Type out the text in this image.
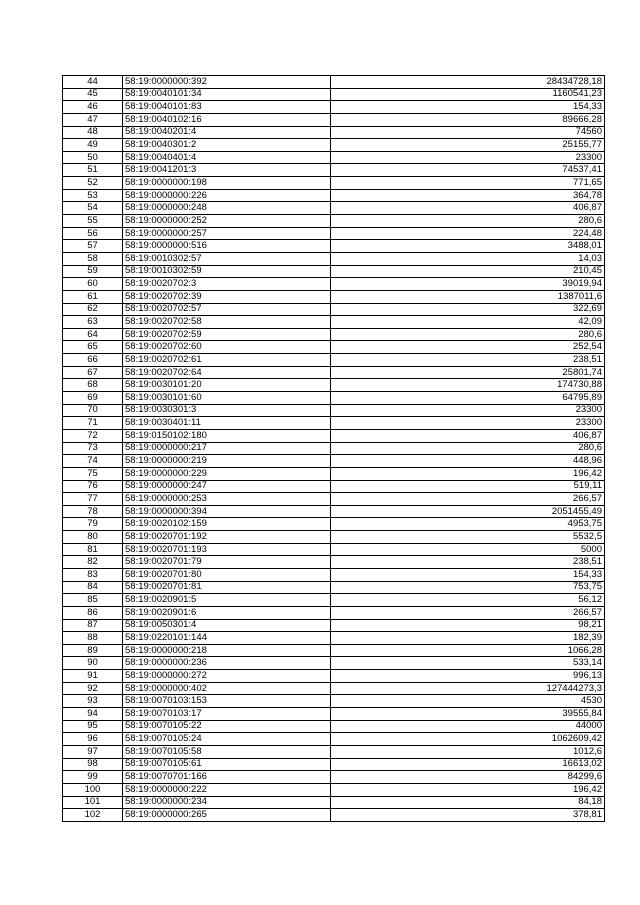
44	58:19:0000000:392	28434728,18
45	58:19:0040101:34	1160541,23
46	58:19:0040101:83	154,33
47	58:19:0040102:16	89666,28
48	58:19:0040201:4	74560
49	58:19:0040301:2	25155,77
50	58:19:0040401:4	23300
51	58:19:0041201:3	74537,41
52	58:19:0000000:198	771,65
53	58:19:0000000:226	364,78
54	58:19:0000000:248	406,87
55	58:19:0000000:252	280,6
56	58:19:0000000:257	224,48
57	58:19:0000000:516	3488,01
58	58:19:0010302:57	14,03
59	58:19:0010302:59	210,45
60	58:19:0020702:3	39019,94
61	58:19:0020702:39	1387011,6
62	58:19:0020702:57	322,69
63	58:19:0020702:58	42,09
64	58:19:0020702:59	280,6
65	58:19:0020702:60	252,54
66	58:19:0020702:61	238,51
67	58:19:0020702:64	25801,74
68	58:19:0030101:20	174730,88
69	58:19:0030101:60	64795,89
70	58:19:0030301:3	23300
71	58:19:0030401:11	23300
72	58:19:0150102:180	406,87
73	58:19:0000000:217	280,6
74	58:19:0000000:219	448,96
75	58:19:0000000:229	196,42
76	58:19:0000000:247	519,11
77	58:19:0000000:253	266,57
78	58:19:0000000:394	2051455,49
79	58:19:0020102:159	4953,75
80	58:19:0020701:192	5532,5
81	58:19:0020701:193	5000
82	58:19:0020701:79	238,51
83	58:19:0020701:80	154,33
84	58:19:0020701:81	753,75
85	58:19:0020901:5	56,12
86	58:19:0020901:6	266,57
87	58:19:0050301:4	98,21
88	58:19:0220101:144	182,39
89	58:19:0000000:218	1066,28
90	58:19:0000000:236	533,14
91	58:19:0000000:272	996,13
92	58:19:0000000:402	127444273,3
93	58:19:0070103:153	4530
94	58:19:0070103:17	39555,84
95	58:19:0070105:22	44000
96	58:19:0070105:24	1062609,42
97	58:19:0070105:58	1012,6
98	58:19:0070105:61	16613,02
99	58:19:0070701:166	84299,6
100	58:19:0000000:222	196,42
101	58:19:0000000:234	84,18
102	58:19:0000000:265	378,81
